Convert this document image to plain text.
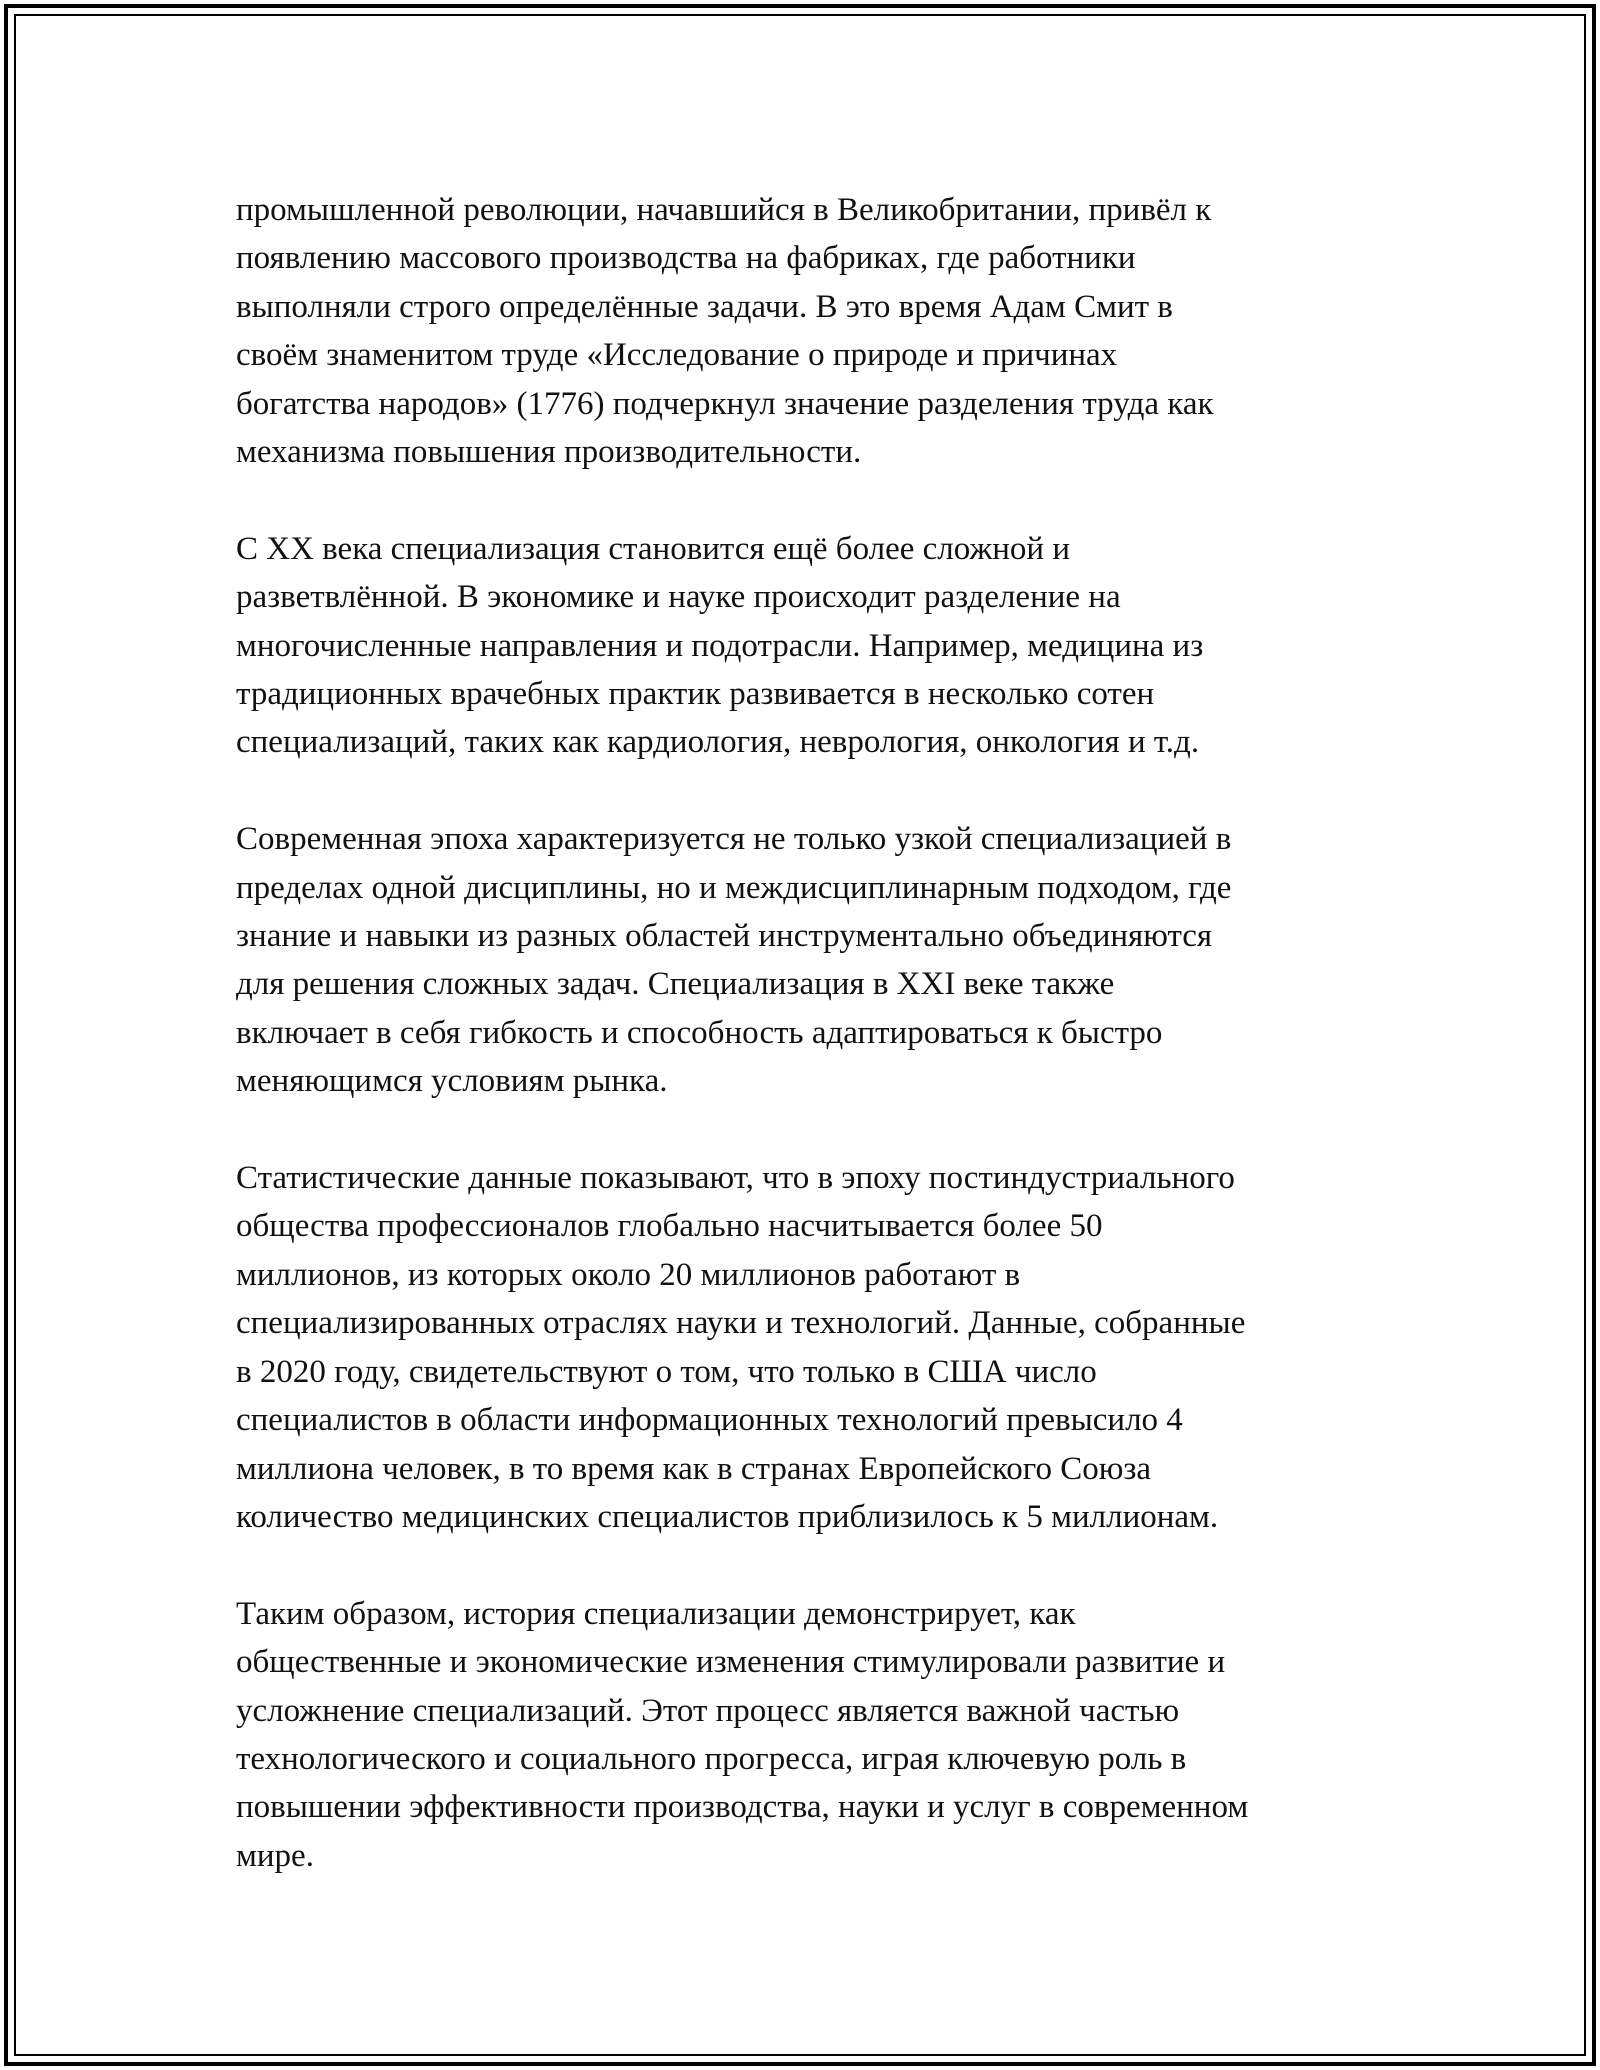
промышленной революции, начавшийся в Великобритании, привёл к
появлению массового производства на фабриках, где работники
выполняли строго определённые задачи. В это время Адам Смит в
своём знаменитом труде «Исследование о природе и причинах
богатства народов» (1776) подчеркнул значение разделения труда как
механизма повышения производительности.

С XX века специализация становится ещё более сложной и
разветвлённой. В экономике и науке происходит разделение на
многочисленные направления и подотрасли. Например, медицина из
традиционных врачебных практик развивается в несколько сотен
специализаций, таких как кардиология, неврология, онкология и т.д.

Современная эпоха характеризуется не только узкой специализацией в
пределах одной дисциплины, но и междисциплинарным подходом, где
знание и навыки из разных областей инструментально объединяются
для решения сложных задач. Специализация в XXI веке также
включает в себя гибкость и способность адаптироваться к быстро
меняющимся условиям рынка.

Статистические данные показывают, что в эпоху постиндустриального
общества профессионалов глобально насчитывается более 50
миллионов, из которых около 20 миллионов работают в
специализированных отраслях науки и технологий. Данные, собранные
в 2020 году, свидетельствуют о том, что только в США число
специалистов в области информационных технологий превысило 4
миллиона человек, в то время как в странах Европейского Союза
количество медицинских специалистов приблизилось к 5 миллионам.

Таким образом, история специализации демонстрирует, как
общественные и экономические изменения стимулировали развитие и
усложнение специализаций. Этот процесс является важной частью
технологического и социального прогресса, играя ключевую роль в
повышении эффективности производства, науки и услуг в современном
мире.
